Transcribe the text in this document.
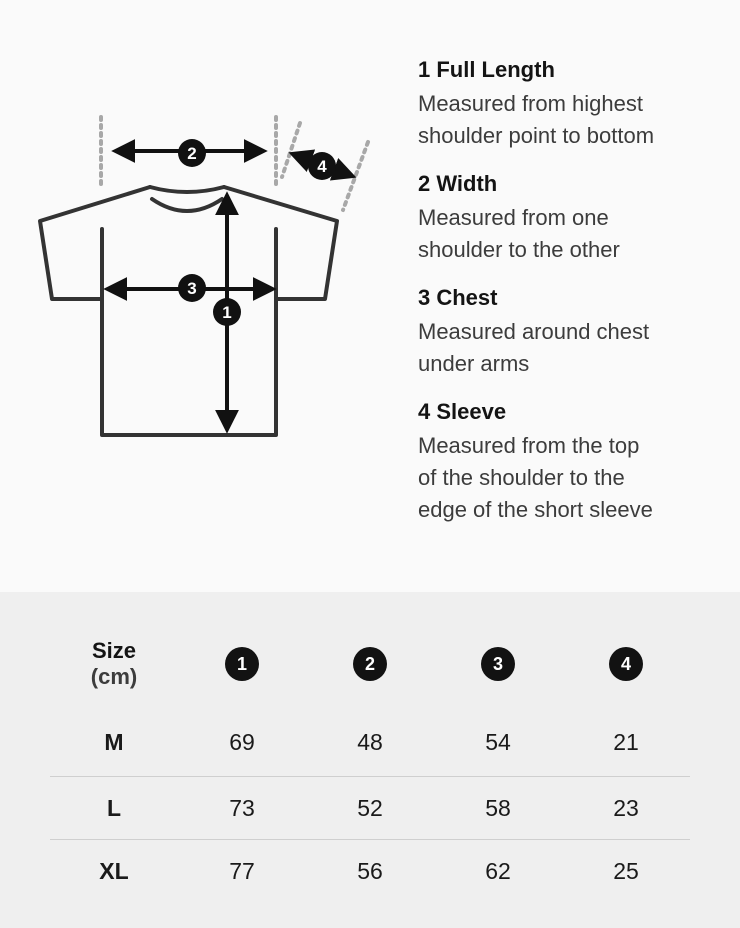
2
4
3
1
1 Full Length
Measured from highest
shoulder point to bottom
2 Width
Measured from one
shoulder to the other
3 Chest
Measured around chest
under arms
4 Sleeve
Measured from the top
of the shoulder to the
edge of the short sleeve
Size
(cm)	1	2	3	4
M	69	48	54	21
L	73	52	58	23
XL	77	56	62	25
